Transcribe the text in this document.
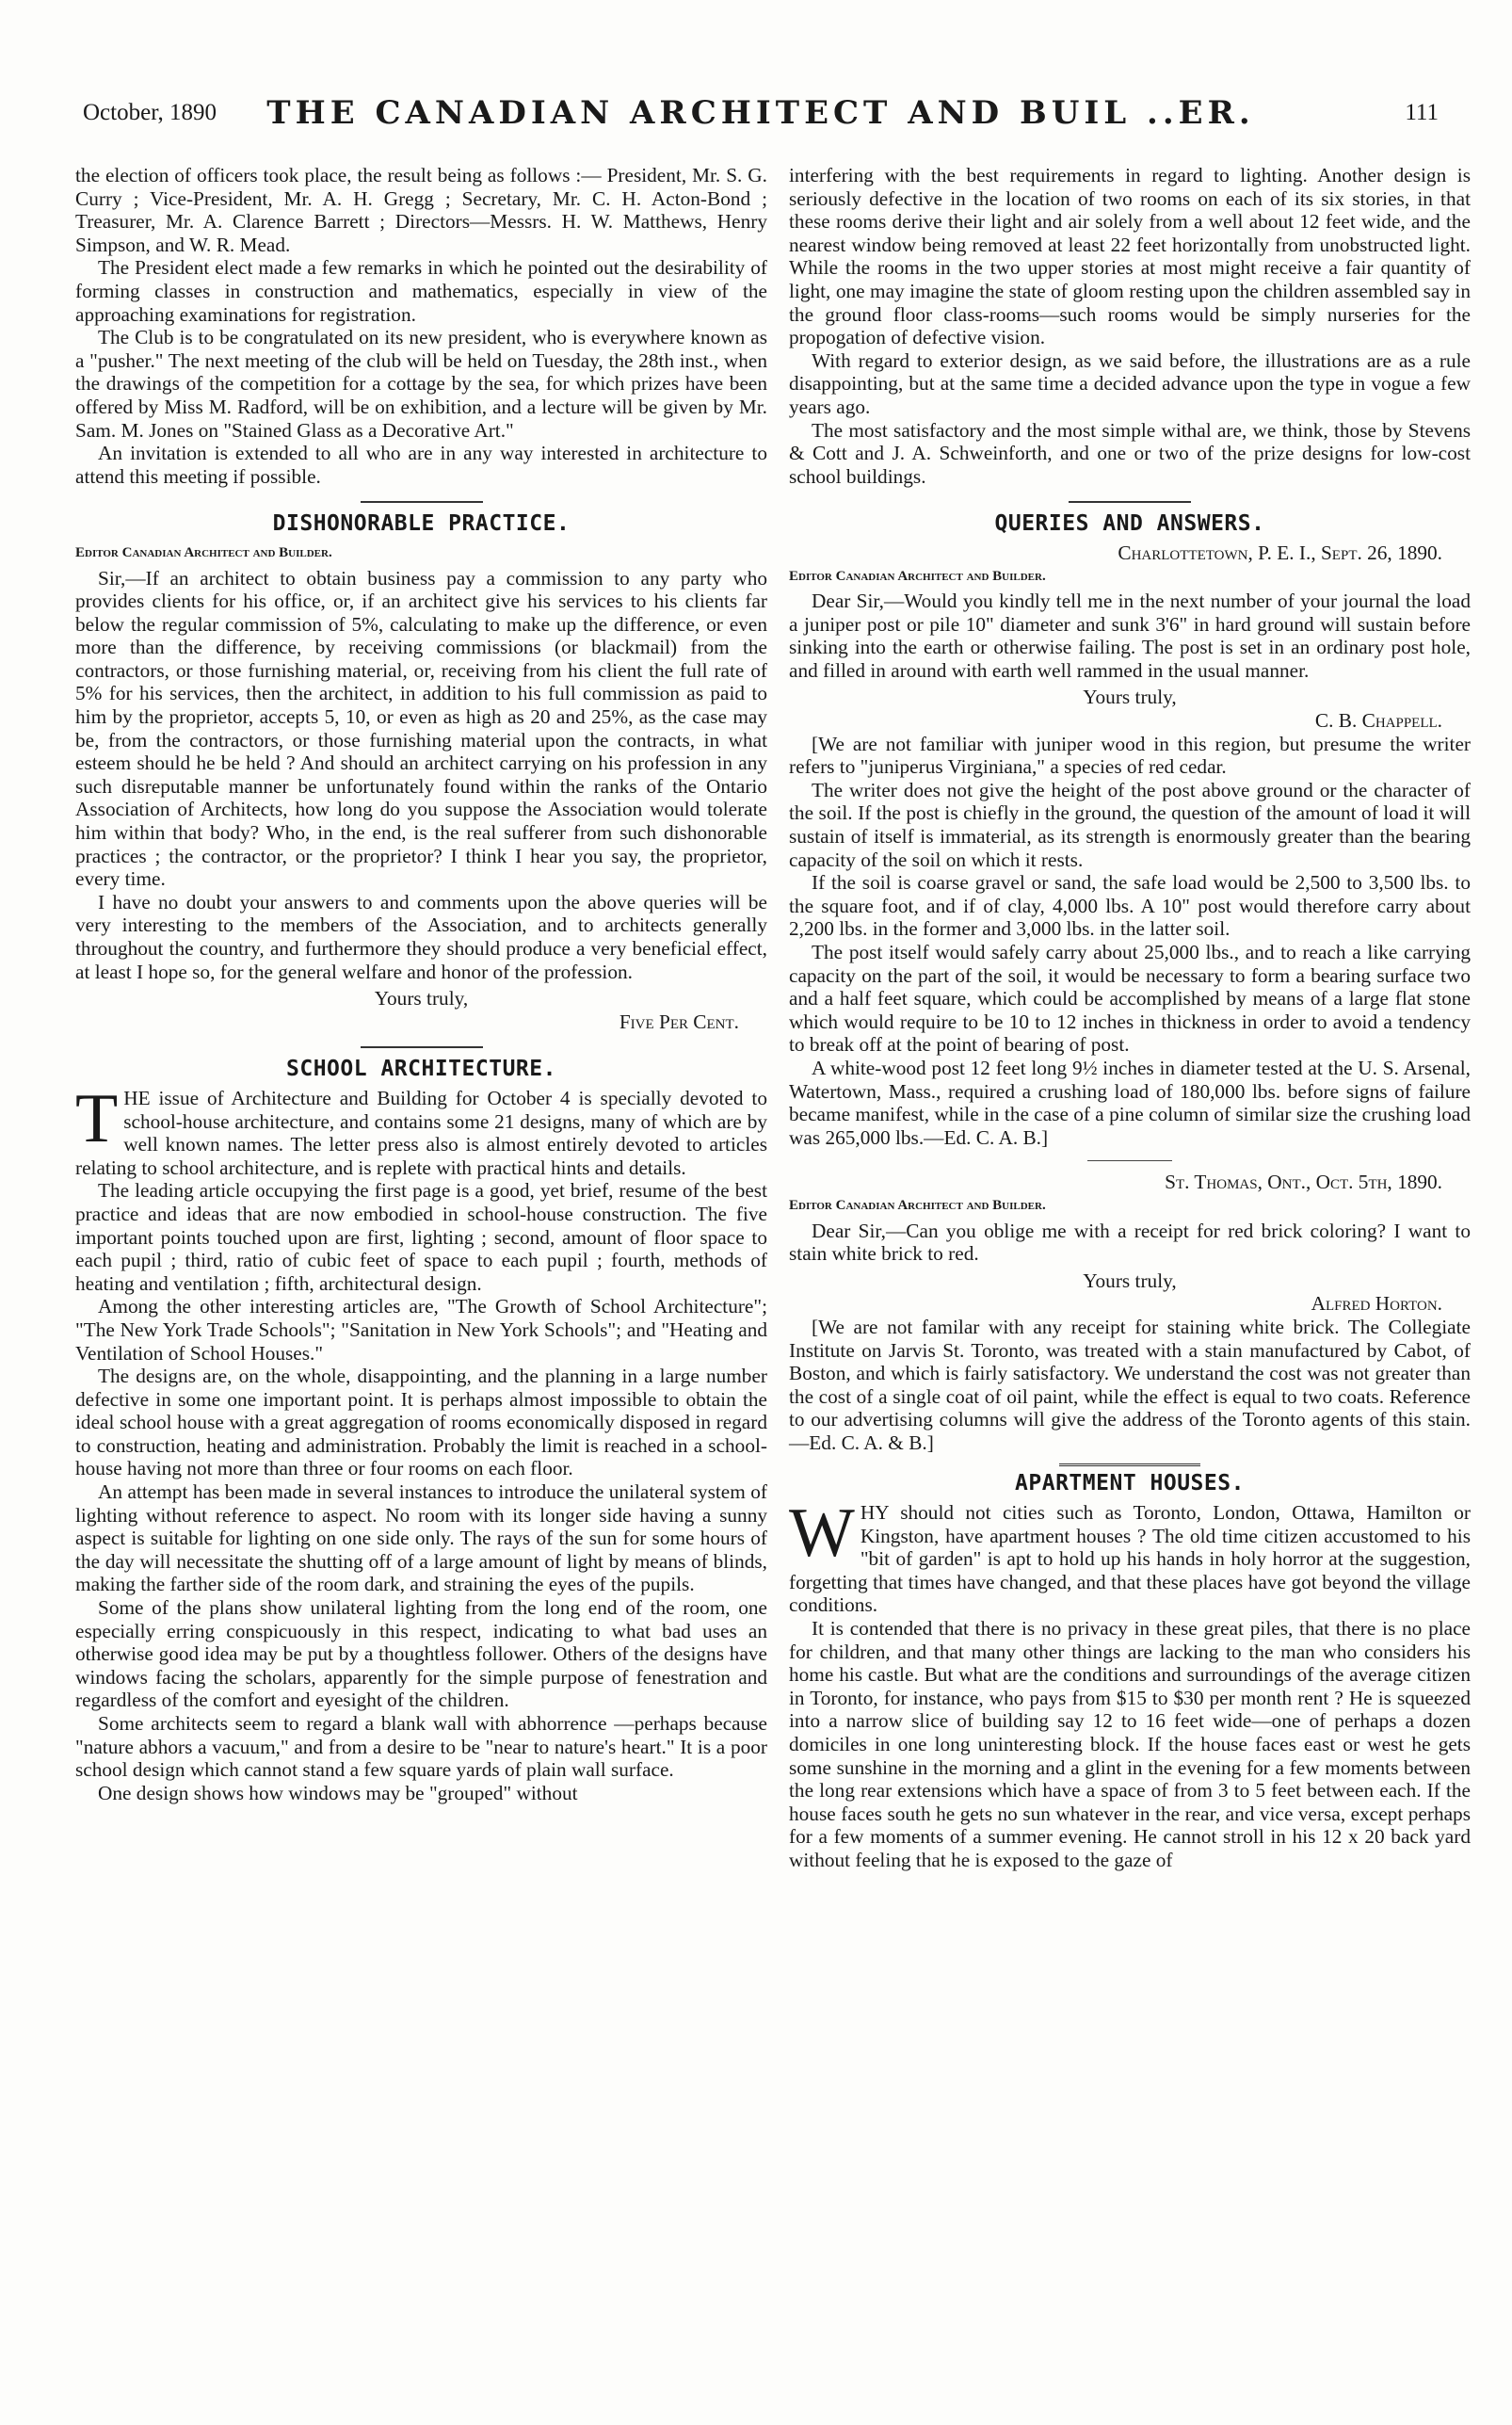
October, 1890	THE CANADIAN ARCHITECT AND BUIL ..ER.	111

the election of officers took place, the result being as follows :— President, Mr. S. G. Curry ; Vice-President, Mr. A. H. Gregg ; Secretary, Mr. C. H. Acton-Bond ; Treasurer, Mr. A. Clarence Barrett ; Directors—Messrs. H. W. Matthews, Henry Simpson, and W. R. Mead.

The President elect made a few remarks in which he pointed out the desirability of forming classes in construction and mathematics, especially in view of the approaching examinations for registration.

The Club is to be congratulated on its new president, who is everywhere known as a "pusher." The next meeting of the club will be held on Tuesday, the 28th inst., when the drawings of the competition for a cottage by the sea, for which prizes have been offered by Miss M. Radford, will be on exhibition, and a lecture will be given by Mr. Sam. M. Jones on "Stained Glass as a Decorative Art."

An invitation is extended to all who are in any way interested in architecture to attend this meeting if possible.

DISHONORABLE PRACTICE.
Editor Canadian Architect and Builder.

Sir,—If an architect to obtain business pay a commission to any party who provides clients for his office, or, if an architect give his services to his clients far below the regular commission of 5%, calculating to make up the difference, or even more than the difference, by receiving commissions (or blackmail) from the contractors, or those furnishing material, or, receiving from his client the full rate of 5% for his services, then the architect, in addition to his full commission as paid to him by the proprietor, accepts 5, 10, or even as high as 20 and 25%, as the case may be, from the contractors, or those furnishing material upon the contracts, in what esteem should he be held ? And should an architect carrying on his profession in any such disreputable manner be unfortunately found within the ranks of the Ontario Association of Architects, how long do you suppose the Association would tolerate him within that body? Who, in the end, is the real sufferer from such dishonorable practices ; the contractor, or the proprietor? I think I hear you say, the proprietor, every time.

I have no doubt your answers to and comments upon the above queries will be very interesting to the members of the Association, and to architects generally throughout the country, and furthermore they should produce a very beneficial effect, at least I hope so, for the general welfare and honor of the profession.

Yours truly,
Five Per Cent.
SCHOOL ARCHITECTURE.

THE issue of Architecture and Building for October 4 is specially devoted to school-house architecture, and contains some 21 designs, many of which are by well known names. The letter press also is almost entirely devoted to articles relating to school architecture, and is replete with practical hints and details.

The leading article occupying the first page is a good, yet brief, resume of the best practice and ideas that are now embodied in school-house construction. The five important points touched upon are first, lighting ; second, amount of floor space to each pupil ; third, ratio of cubic feet of space to each pupil ; fourth, methods of heating and ventilation ; fifth, architectural design.

Among the other interesting articles are, "The Growth of School Architecture"; "The New York Trade Schools"; "Sanitation in New York Schools"; and "Heating and Ventilation of School Houses."

The designs are, on the whole, disappointing, and the planning in a large number defective in some one important point. It is perhaps almost impossible to obtain the ideal school house with a great aggregation of rooms economically disposed in regard to construction, heating and administration. Probably the limit is reached in a school-house having not more than three or four rooms on each floor.

An attempt has been made in several instances to introduce the unilateral system of lighting without reference to aspect. No room with its longer side having a sunny aspect is suitable for lighting on one side only. The rays of the sun for some hours of the day will necessitate the shutting off of a large amount of light by means of blinds, making the farther side of the room dark, and straining the eyes of the pupils.

Some of the plans show unilateral lighting from the long end of the room, one especially erring conspicuously in this respect, indicating to what bad uses an otherwise good idea may be put by a thoughtless follower. Others of the designs have windows facing the scholars, apparently for the simple purpose of fenestration and regardless of the comfort and eyesight of the children.

Some architects seem to regard a blank wall with abhorrence —perhaps because "nature abhors a vacuum," and from a desire to be "near to nature's heart." It is a poor school design which cannot stand a few square yards of plain wall surface.

One design shows how windows may be "grouped" without

interfering with the best requirements in regard to lighting. Another design is seriously defective in the location of two rooms on each of its six stories, in that these rooms derive their light and air solely from a well about 12 feet wide, and the nearest window being removed at least 22 feet horizontally from unobstructed light. While the rooms in the two upper stories at most might receive a fair quantity of light, one may imagine the state of gloom resting upon the children assembled say in the ground floor class-rooms—such rooms would be simply nurseries for the propogation of defective vision.

With regard to exterior design, as we said before, the illustrations are as a rule disappointing, but at the same time a decided advance upon the type in vogue a few years ago.

The most satisfactory and the most simple withal are, we think, those by Stevens & Cott and J. A. Schweinforth, and one or two of the prize designs for low-cost school buildings.

QUERIES AND ANSWERS.
Charlottetown, P. E. I., Sept. 26, 1890.
Editor Canadian Architect and Builder.

Dear Sir,—Would you kindly tell me in the next number of your journal the load a juniper post or pile 10" diameter and sunk 3'6" in hard ground will sustain before sinking into the earth or otherwise failing. The post is set in an ordinary post hole, and filled in around with earth well rammed in the usual manner.

Yours truly,
C. B. Chappell.

[We are not familiar with juniper wood in this region, but presume the writer refers to "juniperus Virginiana," a species of red cedar.

The writer does not give the height of the post above ground or the character of the soil. If the post is chiefly in the ground, the question of the amount of load it will sustain of itself is immaterial, as its strength is enormously greater than the bearing capacity of the soil on which it rests.

If the soil is coarse gravel or sand, the safe load would be 2,500 to 3,500 lbs. to the square foot, and if of clay, 4,000 lbs. A 10" post would therefore carry about 2,200 lbs. in the former and 3,000 lbs. in the latter soil.

The post itself would safely carry about 25,000 lbs., and to reach a like carrying capacity on the part of the soil, it would be necessary to form a bearing surface two and a half feet square, which could be accomplished by means of a large flat stone which would require to be 10 to 12 inches in thickness in order to avoid a tendency to break off at the point of bearing of post.

A white-wood post 12 feet long 9½ inches in diameter tested at the U. S. Arsenal, Watertown, Mass., required a crushing load of 180,000 lbs. before signs of failure became manifest, while in the case of a pine column of similar size the crushing load was 265,000 lbs.—Ed. C. A. B.]

St. Thomas, Ont., Oct. 5th, 1890.
Editor Canadian Architect and Builder.

Dear Sir,—Can you oblige me with a receipt for red brick coloring? I want to stain white brick to red.

Yours truly,
Alfred Horton.

[We are not familar with any receipt for staining white brick. The Collegiate Institute on Jarvis St. Toronto, was treated with a stain manufactured by Cabot, of Boston, and which is fairly satisfactory. We understand the cost was not greater than the cost of a single coat of oil paint, while the effect is equal to two coats. Reference to our advertising columns will give the address of the Toronto agents of this stain.—Ed. C. A. & B.]

APARTMENT HOUSES.

WHY should not cities such as Toronto, London, Ottawa, Hamilton or Kingston, have apartment houses ? The old time citizen accustomed to his "bit of garden" is apt to hold up his hands in holy horror at the suggestion, forgetting that times have changed, and that these places have got beyond the village conditions.

It is contended that there is no privacy in these great piles, that there is no place for children, and that many other things are lacking to the man who considers his home his castle. But what are the conditions and surroundings of the average citizen in Toronto, for instance, who pays from $15 to $30 per month rent ? He is squeezed into a narrow slice of building say 12 to 16 feet wide—one of perhaps a dozen domiciles in one long uninteresting block. If the house faces east or west he gets some sunshine in the morning and a glint in the evening for a few moments between the long rear extensions which have a space of from 3 to 5 feet between each. If the house faces south he gets no sun whatever in the rear, and vice versa, except perhaps for a few moments of a summer evening. He cannot stroll in his 12 x 20 back yard without feeling that he is exposed to the gaze of
